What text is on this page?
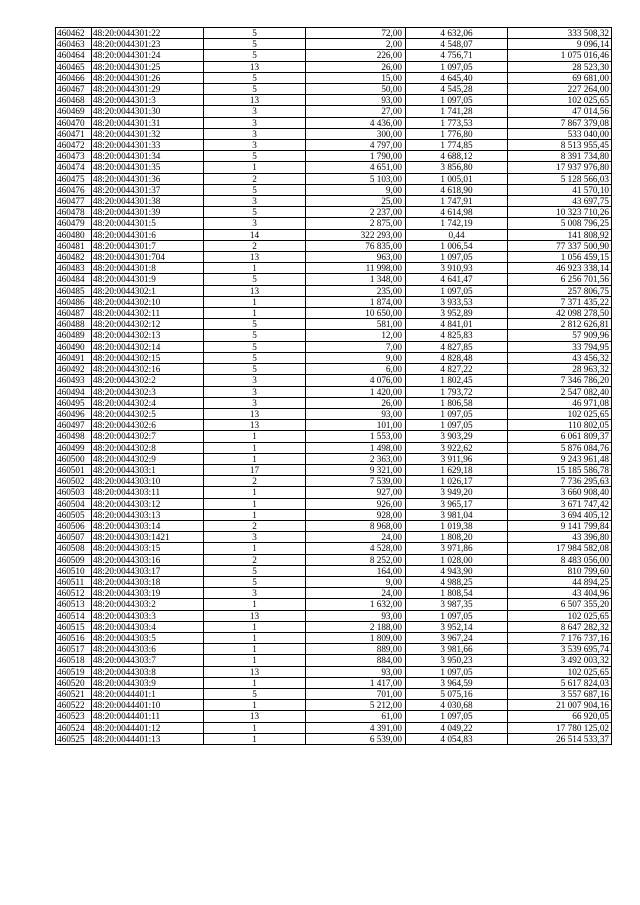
460462	48:20:0044301:22	5	72,00	4 632,06	333 508,32
460463	48:20:0044301:23	5	2,00	4 548,07	9 096,14
460464	48:20:0044301:24	5	226,00	4 756,71	1 075 016,46
460465	48:20:0044301:25	13	26,00	1 097,05	28 523,30
460466	48:20:0044301:26	5	15,00	4 645,40	69 681,00
460467	48:20:0044301:29	5	50,00	4 545,28	227 264,00
460468	48:20:0044301:3	13	93,00	1 097,05	102 025,65
460469	48:20:0044301:30	3	27,00	1 741,28	47 014,56
460470	48:20:0044301:31	3	4 436,00	1 773,53	7 867 379,08
460471	48:20:0044301:32	3	300,00	1 776,80	533 040,00
460472	48:20:0044301:33	3	4 797,00	1 774,85	8 513 955,45
460473	48:20:0044301:34	5	1 790,00	4 688,12	8 391 734,80
460474	48:20:0044301:35	1	4 651,00	3 856,80	17 937 976,80
460475	48:20:0044301:36	2	5 103,00	1 005,01	5 128 566,03
460476	48:20:0044301:37	5	9,00	4 618,90	41 570,10
460477	48:20:0044301:38	3	25,00	1 747,91	43 697,75
460478	48:20:0044301:39	5	2 237,00	4 614,98	10 323 710,26
460479	48:20:0044301:5	3	2 875,00	1 742,19	5 008 796,25
460480	48:20:0044301:6	14	322 293,00	0,44	141 808,92
460481	48:20:0044301:7	2	76 835,00	1 006,54	77 337 500,90
460482	48:20:0044301:704	13	963,00	1 097,05	1 056 459,15
460483	48:20:0044301:8	1	11 998,00	3 910,93	46 923 338,14
460484	48:20:0044301:9	5	1 348,00	4 641,47	6 256 701,56
460485	48:20:0044302:1	13	235,00	1 097,05	257 806,75
460486	48:20:0044302:10	1	1 874,00	3 933,53	7 371 435,22
460487	48:20:0044302:11	1	10 650,00	3 952,89	42 098 278,50
460488	48:20:0044302:12	5	581,00	4 841,01	2 812 626,81
460489	48:20:0044302:13	5	12,00	4 825,83	57 909,96
460490	48:20:0044302:14	5	7,00	4 827,85	33 794,95
460491	48:20:0044302:15	5	9,00	4 828,48	43 456,32
460492	48:20:0044302:16	5	6,00	4 827,22	28 963,32
460493	48:20:0044302:2	3	4 076,00	1 802,45	7 346 786,20
460494	48:20:0044302:3	3	1 420,00	1 793,72	2 547 082,40
460495	48:20:0044302:4	3	26,00	1 806,58	46 971,08
460496	48:20:0044302:5	13	93,00	1 097,05	102 025,65
460497	48:20:0044302:6	13	101,00	1 097,05	110 802,05
460498	48:20:0044302:7	1	1 553,00	3 903,29	6 061 809,37
460499	48:20:0044302:8	1	1 498,00	3 922,62	5 876 084,76
460500	48:20:0044302:9	1	2 363,00	3 911,96	9 243 961,48
460501	48:20:0044303:1	17	9 321,00	1 629,18	15 185 586,78
460502	48:20:0044303:10	2	7 539,00	1 026,17	7 736 295,63
460503	48:20:0044303:11	1	927,00	3 949,20	3 660 908,40
460504	48:20:0044303:12	1	926,00	3 965,17	3 671 747,42
460505	48:20:0044303:13	1	928,00	3 981,04	3 694 405,12
460506	48:20:0044303:14	2	8 968,00	1 019,38	9 141 799,84
460507	48:20:0044303:1421	3	24,00	1 808,20	43 396,80
460508	48:20:0044303:15	1	4 528,00	3 971,86	17 984 582,08
460509	48:20:0044303:16	2	8 252,00	1 028,00	8 483 056,00
460510	48:20:0044303:17	5	164,00	4 943,90	810 799,60
460511	48:20:0044303:18	5	9,00	4 988,25	44 894,25
460512	48:20:0044303:19	3	24,00	1 808,54	43 404,96
460513	48:20:0044303:2	1	1 632,00	3 987,35	6 507 355,20
460514	48:20:0044303:3	13	93,00	1 097,05	102 025,65
460515	48:20:0044303:4	1	2 188,00	3 952,14	8 647 282,32
460516	48:20:0044303:5	1	1 809,00	3 967,24	7 176 737,16
460517	48:20:0044303:6	1	889,00	3 981,66	3 539 695,74
460518	48:20:0044303:7	1	884,00	3 950,23	3 492 003,32
460519	48:20:0044303:8	13	93,00	1 097,05	102 025,65
460520	48:20:0044303:9	1	1 417,00	3 964,59	5 617 824,03
460521	48:20:0044401:1	5	701,00	5 075,16	3 557 687,16
460522	48:20:0044401:10	1	5 212,00	4 030,68	21 007 904,16
460523	48:20:0044401:11	13	61,00	1 097,05	66 920,05
460524	48:20:0044401:12	1	4 391,00	4 049,22	17 780 125,02
460525	48:20:0044401:13	1	6 539,00	4 054,83	26 514 533,37
